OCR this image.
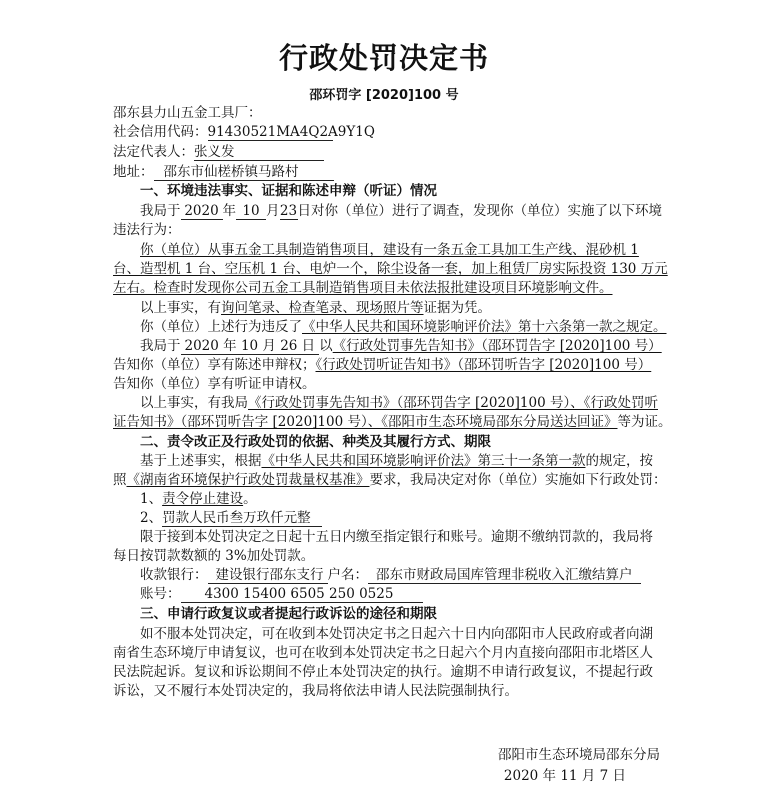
行政处罚决定书
邵环罚字 [2020]100 号
邵东县力山五金工具厂：
社会信用代码：91430521MA4Q2A9Y1Q
法定代表人：张义发
地址： 邵东市仙槎桥镇马路村
一、环境违法事实、证据和陈述申辩（听证）情况
我局于 2020 年 10 月23日对你（单位）进行了调查，发现你（单位）实施了以下环境
违法行为：
你（单位）从事五金工具制造销售项目，建设有一条五金工具加工生产线、混砂机 1
台、造型机 1 台、空压机 1 台、电炉一个，除尘设备一套，加上租赁厂房实际投资 130 万元
左右。检查时发现你公司五金工具制造销售项目未依法报批建设项目环境影响文件。
以上事实，有询问笔录、检查笔录、现场照片等证据为凭。
你（单位）上述行为违反了《中华人民共和国环境影响评价法》第十六条第一款之规定。
我局于 2020 年 10 月 26 日 以《行政处罚事先告知书》（邵环罚告字 [2020]100 号）
告知你（单位）享有陈述申辩权；《行政处罚听证告知书》（邵环罚听告字 [2020]100 号）
告知你（单位）享有听证申请权。
以上事实，有我局《行政处罚事先告知书》（邵环罚告字 [2020]100 号）、《行政处罚听
证告知书》（邵环罚听告字 [2020]100 号）、《邵阳市生态环境局邵东分局送达回证》等为证。
二、责令改正及行政处罚的依据、种类及其履行方式、期限
基于上述事实，根据《中华人民共和国环境影响评价法》第三十一条第一款的规定，按
照《湖南省环境保护行政处罚裁量权基准》要求，我局决定对你（单位）实施如下行政处罚：
1、责令停止建设。
2、罚款人民币叁万玖仟元整
限于接到本处罚决定之日起十五日内缴至指定银行和账号。逾期不缴纳罚款的，我局将
每日按罚款数额的 3%加处罚款。
收款银行： 建设银行邵东支行 户名： 邵东市财政局国库管理非税收入汇缴结算户
账号： 4300 15400 6505 250 0525
三、申请行政复议或者提起行政诉讼的途径和期限
如不服本处罚决定，可在收到本处罚决定书之日起六十日内向邵阳市人民政府或者向湖
南省生态环境厅申请复议，也可在收到本处罚决定书之日起六个月内直接向邵阳市北塔区人
民法院起诉。复议和诉讼期间不停止本处罚决定的执行。逾期不申请行政复议，不提起行政
诉讼，又不履行本处罚决定的，我局将依法申请人民法院强制执行。
邵阳市生态环境局邵东分局
2020 年 11 月 7 日
